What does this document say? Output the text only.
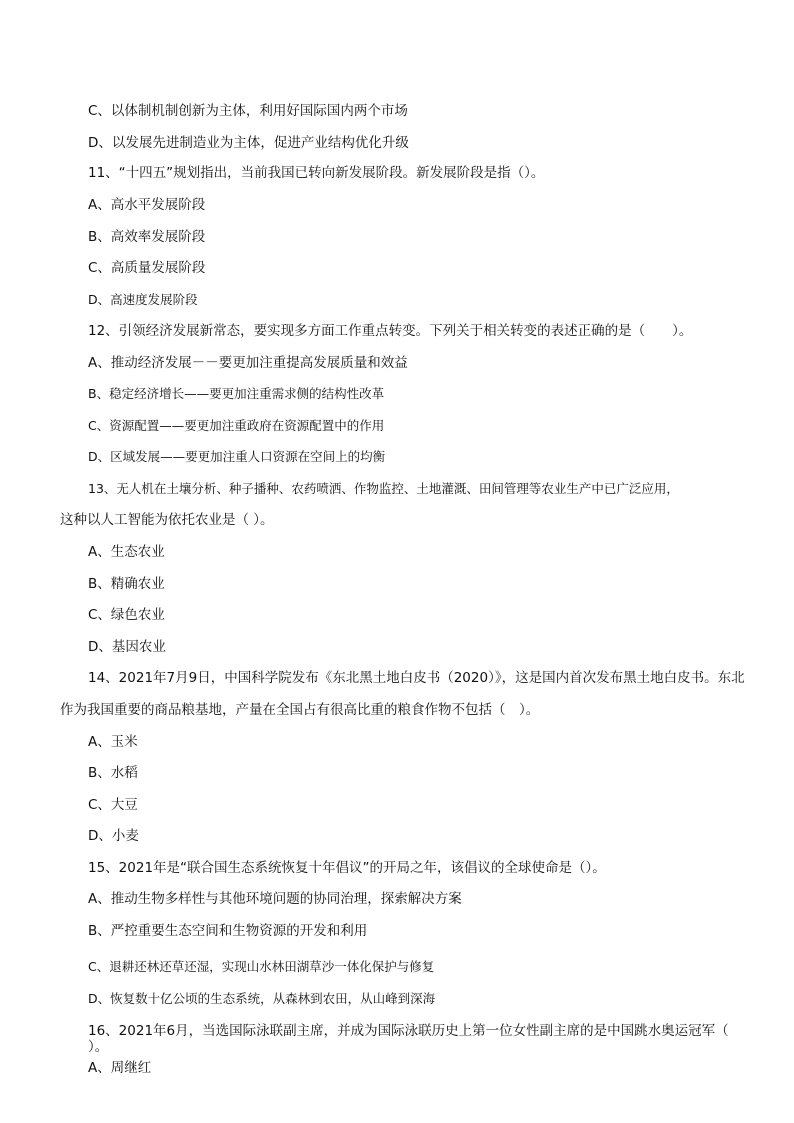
C、以体制机制创新为主体，利用好国际国内两个市场
D、以发展先进制造业为主体，促进产业结构优化升级
11、“十四五”规划指出，当前我国已转向新发展阶段。新发展阶段是指（）。
A、高水平发展阶段
B、高效率发展阶段
C、高质量发展阶段
D、高速度发展阶段
12、引领经济发展新常态，要实现多方面工作重点转变。下列关于相关转变的表述正确的是（　　）。
A、推动经济发展－－要更加注重提高发展质量和效益
B、稳定经济增长——要更加注重需求侧的结构性改革
C、资源配置——要更加注重政府在资源配置中的作用
D、区域发展——要更加注重人口资源在空间上的均衡
13、无人机在土壤分析、种子播种、农药喷洒、作物监控、土地灌溉、田间管理等农业生产中已广泛应用，
这种以人工智能为依托农业是（ ）。
A、生态农业
B、精确农业
C、绿色农业
D、基因农业
14、2021年7月9日，中国科学院发布《东北黑土地白皮书（2020）》，这是国内首次发布黑土地白皮书。东北
作为我国重要的商品粮基地，产量在全国占有很高比重的粮食作物不包括（　）。
A、玉米
B、水稻
C、大豆
D、小麦
15、2021年是“联合国生态系统恢复十年倡议”的开局之年，该倡议的全球使命是（）。
A、推动生物多样性与其他环境问题的协同治理，探索解决方案
B、严控重要生态空间和生物资源的开发和利用
C、退耕还林还草还湿，实现山水林田湖草沙一体化保护与修复
D、恢复数十亿公顷的生态系统，从森林到农田，从山峰到深海
16、2021年6月，当选国际泳联副主席，并成为国际泳联历史上第一位女性副主席的是中国跳水奥运冠军（
）。
A、周继红
